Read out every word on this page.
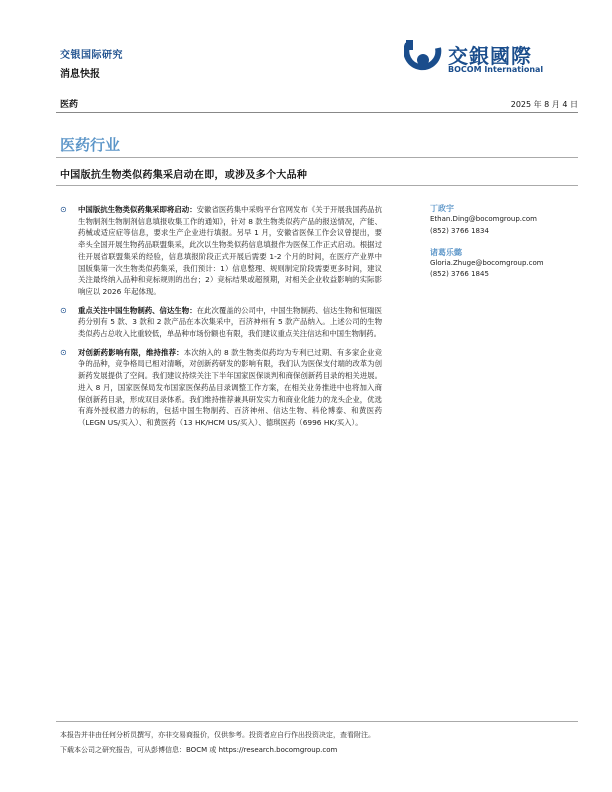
交银国际研究
消息快报
交銀國際
BOCOM International
医药	2025 年 8 月 4 日
医药行业
中国版抗生物类似药集采启动在即，或涉及多个大品种
⊙ 中国版抗生物类似药集采即将启动：安徽省医药集中采购平台官网发布《关于开展我国药品抗生物制剂生物制剂信息填报收集工作的通知》，针对 8 款生物类似药产品的报送情况，产能、药械或适应症等信息，要求生产企业进行填报。另早 1 月，安徽省医保工作会议曾提出，要牵头全国开展生物药品联盟集采，此次以生物类似药信息填报作为医保工作正式启动。根据过往开展省联盟集采的经验，信息填报阶段正式开展后需要 1-2 个月的时间，在医疗产业界中国版集第一次生物类似药集采，我们预计：1）信息整理、规则制定阶段需要更多时间，建议关注最终纳入品种和竞标规则的出台；2）竞标结果或超预期，对相关企业收益影响的实际影响应以 2026 年起体现。
⊙ 重点关注中国生物制药、信达生物：在此次覆盖的公司中，中国生物制药、信达生物和恒瑞医药分别有 5 款、3 款和 2 款产品在本次集采中，百济神州有 5 款产品纳入。上述公司的生物类似药占总收入比重较低，单品种市场份额也有限，我们建议重点关注信达和中国生物制药。
⊙ 对创新药影响有限，维持推荐：本次纳入的 8 款生物类似药均为专利已过期、有多家企业竞争的品种，竞争格局已相对清晰，对创新药研发的影响有限，我们认为医保支付端的改革为创新药发展提供了空间。我们建议持续关注下半年国家医保谈判和商保创新药目录的相关进展。进入 8 月，国家医保局发布国家医保药品目录调整工作方案，在相关业务推进中也将加入商保创新药目录，形成双目录体系。我们维持推荐兼具研发实力和商业化能力的龙头企业，优选有海外授权潜力的标的，包括中国生物制药、百济神州、信达生物、科伦博泰、和黄医药（LEGN US/买入）、和黄医药（13 HK/HCM US/买入）、德琪医药（6996 HK/买入）。
丁政宇
Ethan.Ding@bocomgroup.com
(852) 3766 1834
诸葛乐懿
Gloria.Zhuge@bocomgroup.com
(852) 3766 1845
本报告并非由任何分析员撰写，亦非交易商报价，仅供参考。投资者应自行作出投资决定，查看附注。
下载本公司之研究报告，可从彭博信息：BOCM 或 https://research.bocomgroup.com
